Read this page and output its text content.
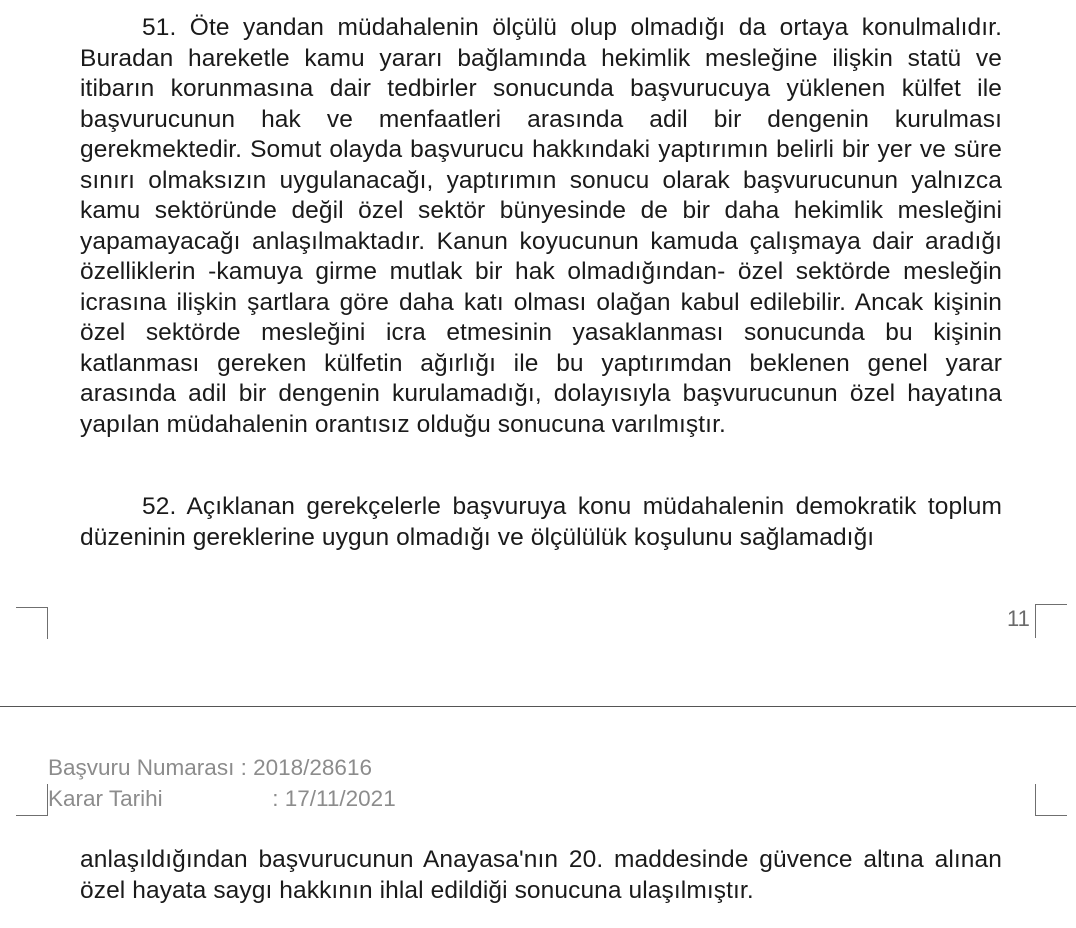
51. Öte yandan müdahalenin ölçülü olup olmadığı da ortaya konulmalıdır. Buradan hareketle kamu yararı bağlamında hekimlik mesleğine ilişkin statü ve itibarın korunmasına dair tedbirler sonucunda başvurucuya yüklenen külfet ile başvurucunun hak ve menfaatleri arasında adil bir dengenin kurulması gerekmektedir. Somut olayda başvurucu hakkındaki yaptırımın belirli bir yer ve süre sınırı olmaksızın uygulanacağı, yaptırımın sonucu olarak başvurucunun yalnızca kamu sektöründe değil özel sektör bünyesinde de bir daha hekimlik mesleğini yapamayacağı anlaşılmaktadır. Kanun koyucunun kamuda çalışmaya dair aradığı özelliklerin -kamuya girme mutlak bir hak olmadığından- özel sektörde mesleğin icrasına ilişkin şartlara göre daha katı olması olağan kabul edilebilir. Ancak kişinin özel sektörde mesleğini icra etmesinin yasaklanması sonucunda bu kişinin katlanması gereken külfetin ağırlığı ile bu yaptırımdan beklenen genel yarar arasında adil bir dengenin kurulamadığı, dolayısıyla başvurucunun özel hayatına yapılan müdahalenin orantısız olduğu sonucuna varılmıştır.

52. Açıklanan gerekçelerle başvuruya konu müdahalenin demokratik toplum düzeninin gereklerine uygun olmadığı ve ölçülülük koşulunu sağlamadığı

11
Başvuru Numarası : 2018/28616
Karar Tarihi	: 17/11/2021

anlaşıldığından başvurucunun Anayasa'nın 20. maddesinde güvence altına alınan özel hayata saygı hakkının ihlal edildiği sonucuna ulaşılmıştır.
